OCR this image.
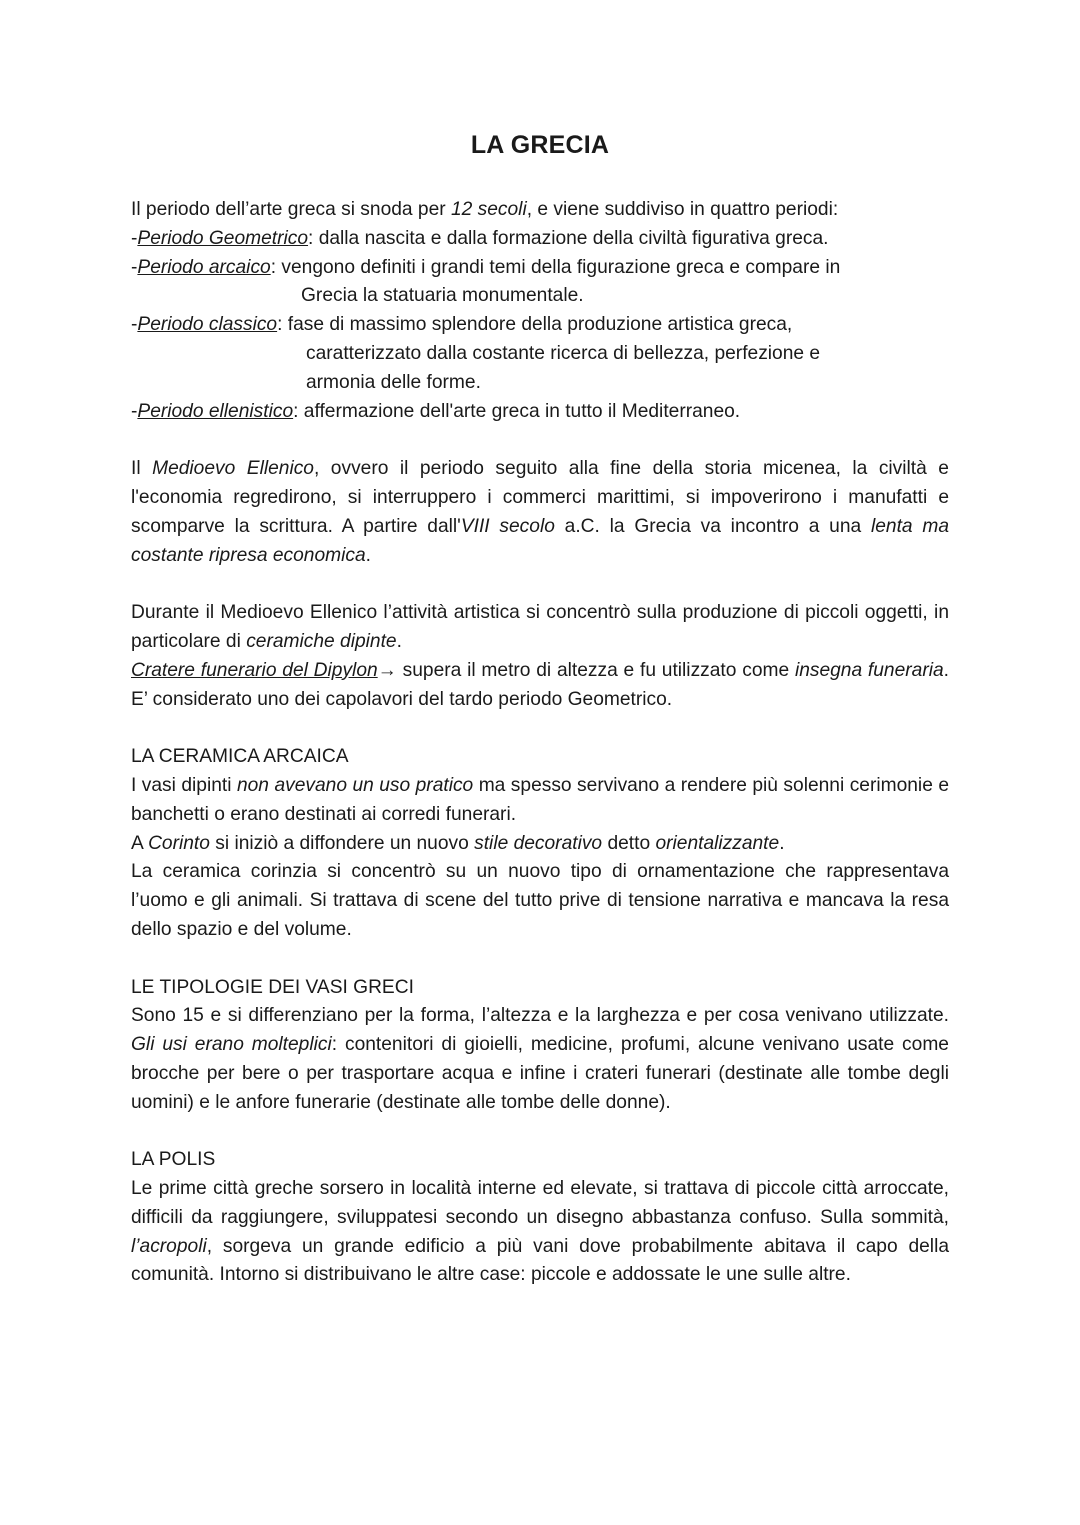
LA GRECIA
Il periodo dell’arte greca si snoda per 12 secoli, e viene suddiviso in quattro periodi:
-Periodo Geometrico: dalla nascita e dalla formazione della civiltà figurativa greca.
-Periodo arcaico: vengono definiti i grandi temi della figurazione greca e compare in
Grecia la statuaria monumentale.
-Periodo classico: fase di massimo splendore della produzione artistica greca,
caratterizzato dalla costante ricerca di bellezza, perfezione e
armonia delle forme.
-Periodo ellenistico: affermazione dell'arte greca in tutto il Mediterraneo.

Il Medioevo Ellenico, ovvero il periodo seguito alla fine della storia micenea, la civiltà e l'economia regredirono, si interruppero i commerci marittimi, si impoverirono i manufatti e scomparve la scrittura. A partire dall'VIII secolo a.C. la Grecia va incontro a una lenta ma costante ripresa economica.

Durante il Medioevo Ellenico l’attività artistica si concentrò sulla produzione di piccoli oggetti, in particolare di ceramiche dipinte.

Cratere funerario del Dipylon→ supera il metro di altezza e fu utilizzato come insegna funeraria. E’ considerato uno dei capolavori del tardo periodo Geometrico.

LA CERAMICA ARCAICA

I vasi dipinti non avevano un uso pratico ma spesso servivano a rendere più solenni cerimonie e banchetti o erano destinati ai corredi funerari.

A Corinto si iniziò a diffondere un nuovo stile decorativo detto orientalizzante.

La ceramica corinzia si concentrò su un nuovo tipo di ornamentazione che rappresentava l’uomo e gli animali. Si trattava di scene del tutto prive di tensione narrativa e mancava la resa dello spazio e del volume.

LE TIPOLOGIE DEI VASI GRECI

Sono 15 e si differenziano per la forma, l’altezza e la larghezza e per cosa venivano utilizzate. Gli usi erano molteplici: contenitori di gioielli, medicine, profumi, alcune venivano usate come brocche per bere o per trasportare acqua e infine i crateri funerari (destinate alle tombe degli uomini) e le anfore funerarie (destinate alle tombe delle donne).

LA POLIS

Le prime città greche sorsero in località interne ed elevate, si trattava di piccole città arroccate, difficili da raggiungere, sviluppatesi secondo un disegno abbastanza confuso. Sulla sommità, l’acropoli, sorgeva un grande edificio a più vani dove probabilmente abitava il capo della comunità. Intorno si distribuivano le altre case: piccole e addossate le une sulle altre.
